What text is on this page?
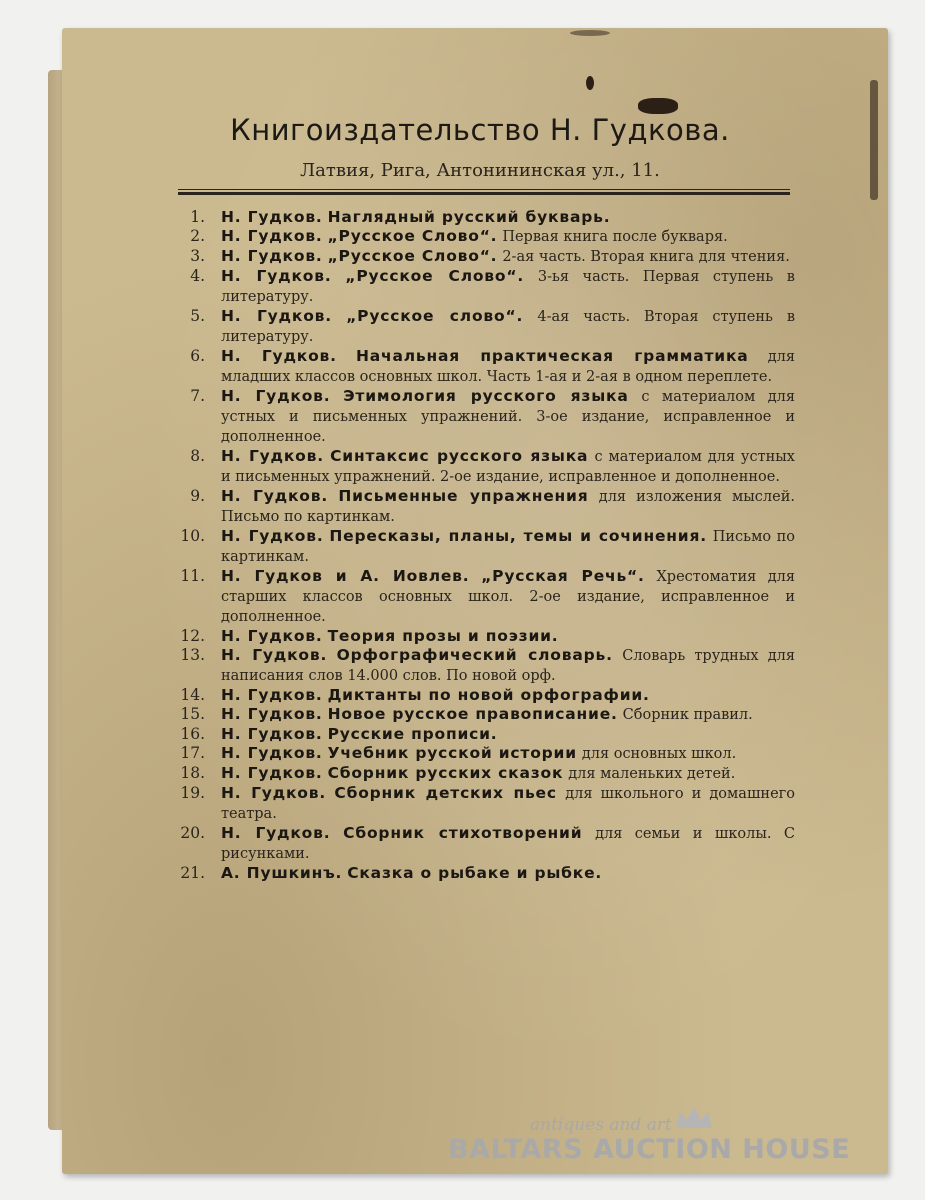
Книгоиздательство Н. Гудкова.
Латвия, Рига, Антонининская ул., 11.
1. Н. Гудков. Наглядный русский букварь.
2. Н. Гудков. „Русское Слово“. Первая книга после букваря.
3. Н. Гудков. „Русское Слово“. 2-ая часть. Вторая книга для чтения.
4. Н. Гудков. „Русское Слово“. 3-ья часть. Первая ступень в литературу.
5. Н. Гудков. „Русское слово“. 4-ая часть. Вторая ступень в литературу.
6. Н. Гудков. Начальная практическая грамматика для младших классов основных школ. Часть 1-ая и 2-ая в одном переплете.
7. Н. Гудков. Этимология русского языка с материалом для устных и письменных упражнений. 3-ое издание, исправленное и дополненное.
8. Н. Гудков. Синтаксис русского языка с материалом для устных и письменных упражнений. 2-ое издание, исправленное и дополненное.
9. Н. Гудков. Письменные упражнения для изложения мыслей. Письмо по картинкам.
10. Н. Гудков. Пересказы, планы, темы и сочинения. Письмо по картинкам.
11. Н. Гудков и А. Иовлев. „Русская Речь“. Хрестоматия для старших классов основных школ. 2-ое издание, исправленное и дополненное.
12. Н. Гудков. Теория прозы и поэзии.
13. Н. Гудков. Орфографический словарь. Словарь трудных для написания слов 14.000 слов. По новой орф.
14. Н. Гудков. Диктанты по новой орфографии.
15. Н. Гудков. Новое русское правописание. Сборник правил.
16. Н. Гудков. Русские прописи.
17. Н. Гудков. Учебник русской истории для основных школ.
18. Н. Гудков. Сборник русских сказок для маленьких детей.
19. Н. Гудков. Сборник детских пьес для школьного и домашнего театра.
20. Н. Гудков. Сборник стихотворений для семьи и школы. С рисунками.
21. А. Пушкинъ. Сказка о рыбаке и рыбке.
antiques and art
BALTARS AUCTION HOUSE
